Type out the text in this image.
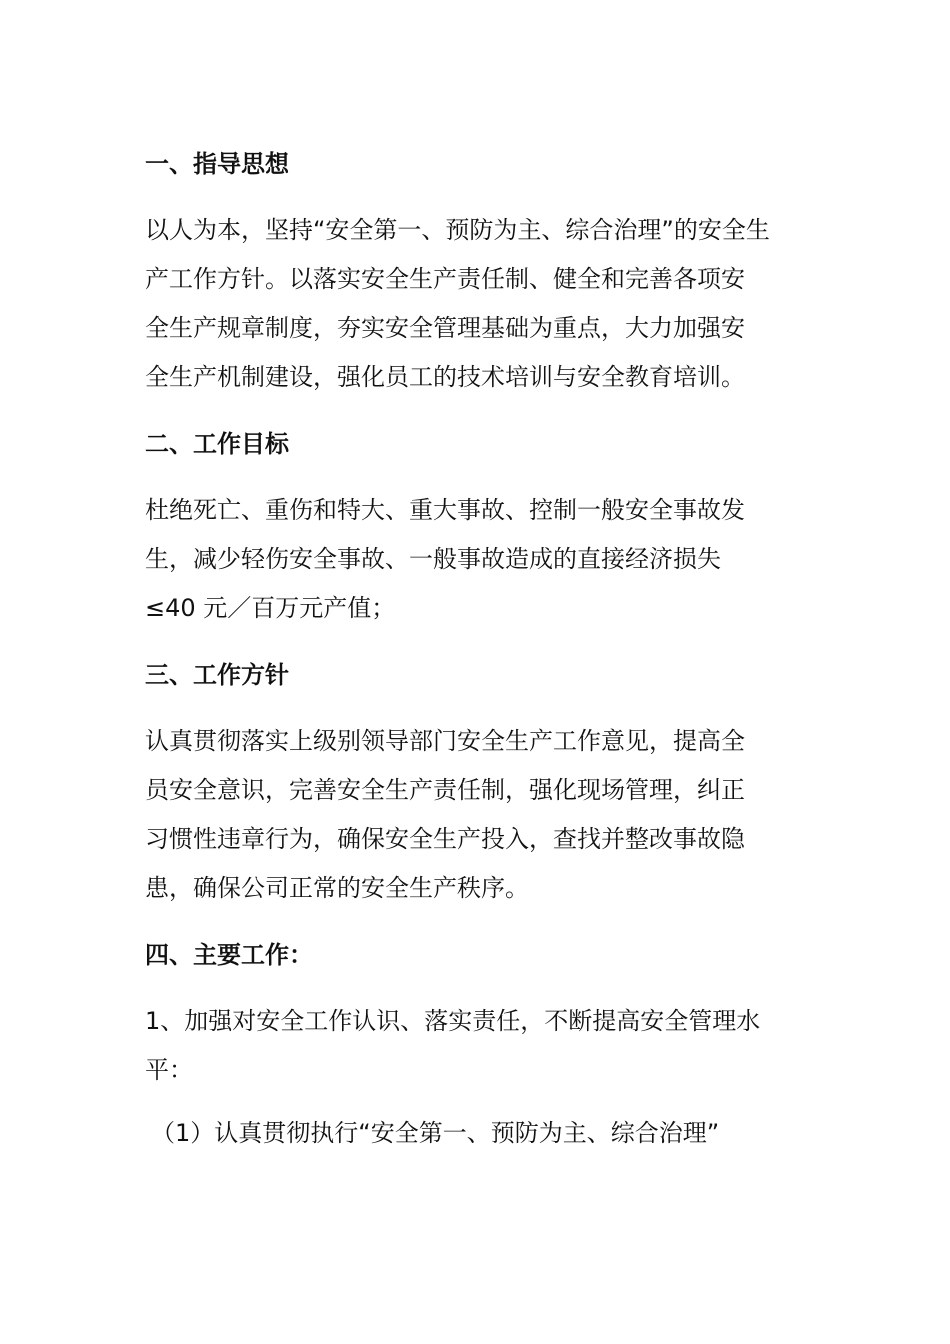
一、指导思想
以人为本，坚持“安全第一、预防为主、综合治理”的安全生
产工作方针。以落实安全生产责任制、健全和完善各项安
全生产规章制度，夯实安全管理基础为重点，大力加强安
全生产机制建设，强化员工的技术培训与安全教育培训。
二、工作目标
杜绝死亡、重伤和特大、重大事故、控制一般安全事故发
生，减少轻伤安全事故、一般事故造成的直接经济损失
≤40 元／百万元产值；
三、工作方针
认真贯彻落实上级别领导部门安全生产工作意见，提高全
员安全意识，完善安全生产责任制，强化现场管理，纠正
习惯性违章行为，确保安全生产投入，查找并整改事故隐
患，确保公司正常的安全生产秩序。
四、主要工作：
1、加强对安全工作认识、落实责任，不断提高安全管理水
平：
（1）认真贯彻执行“安全第一、预防为主、综合治理”
